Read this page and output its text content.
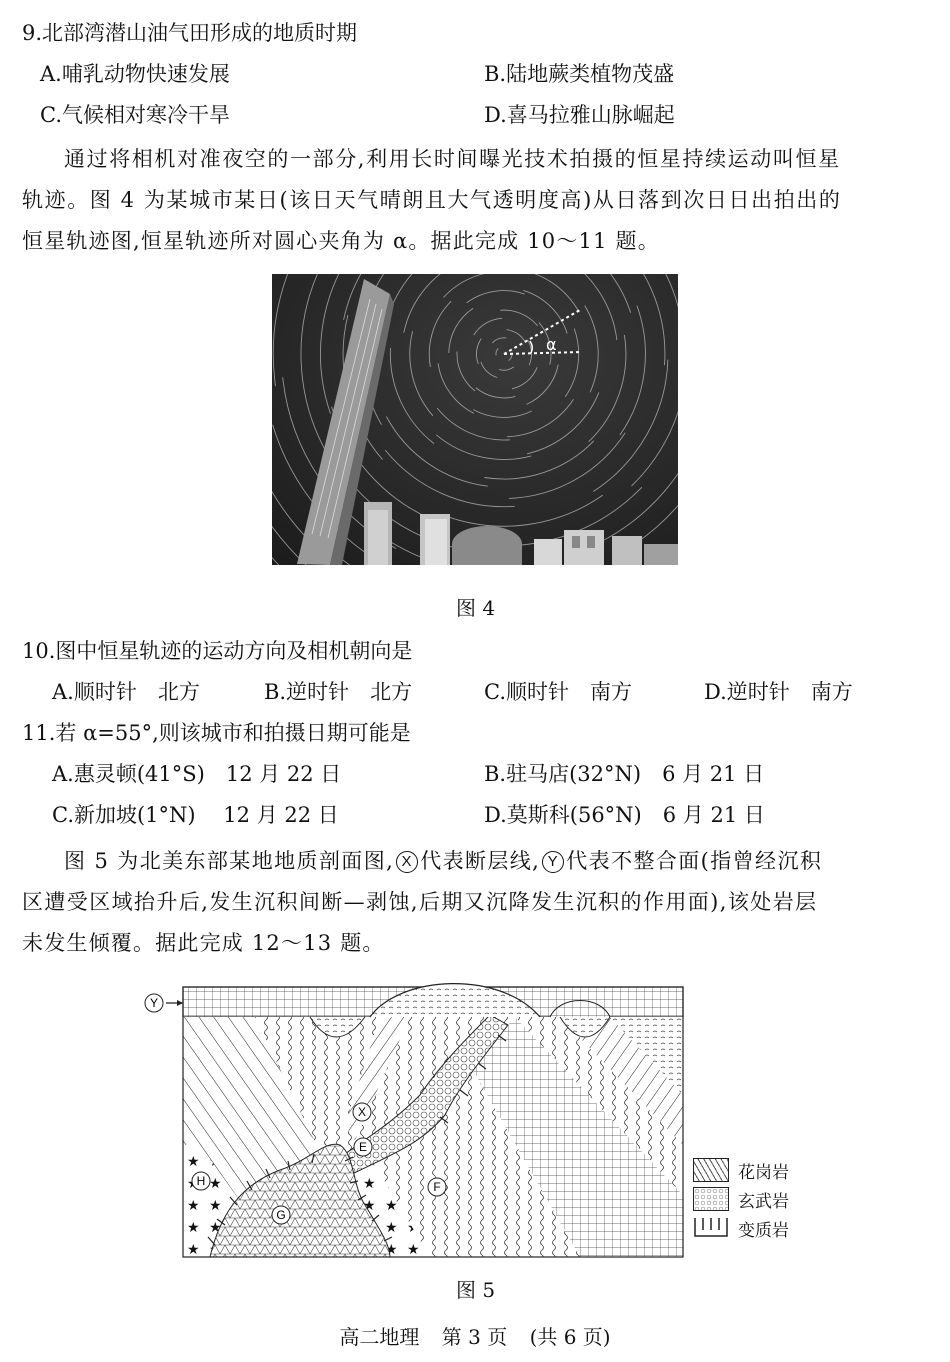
9.北部湾潜山油气田形成的地质时期
A.哺乳动物快速发展	B.陆地蕨类植物茂盛
C.气候相对寒冷干旱	D.喜马拉雅山脉崛起
通过将相机对准夜空的一部分,利用长时间曝光技术拍摄的恒星持续运动叫恒星
轨迹。图 4 为某城市某日(该日天气晴朗且大气透明度高)从日落到次日日出拍出的
恒星轨迹图,恒星轨迹所对圆心夹角为 α。据此完成 10～11 题。
α
图 4
10.图中恒星轨迹的运动方向及相机朝向是
A.顺时针　北方	B.逆时针　北方	C.顺时针　南方	D.逆时针　南方
11.若 α=55°,则该城市和拍摄日期可能是
A.惠灵顿(41°S)　12 月 22 日	B.驻马店(32°N)　6 月 21 日
C.新加坡(1°N)　 12 月 22 日	D.莫斯科(56°N)　6 月 21 日
图 5 为北美东部某地地质剖面图, X 代表断层线, Y 代表不整合面(指曾经沉积
区遭受区域抬升后,发生沉积间断—剥蚀,后期又沉降发生沉积的作用面),该处岩层
未发生倾覆。据此完成 12～13 题。
Y
X
E
F
G
H	花岗岩
玄武岩
变质岩
图 5
高二地理 第 3 页 (共 6 页)
